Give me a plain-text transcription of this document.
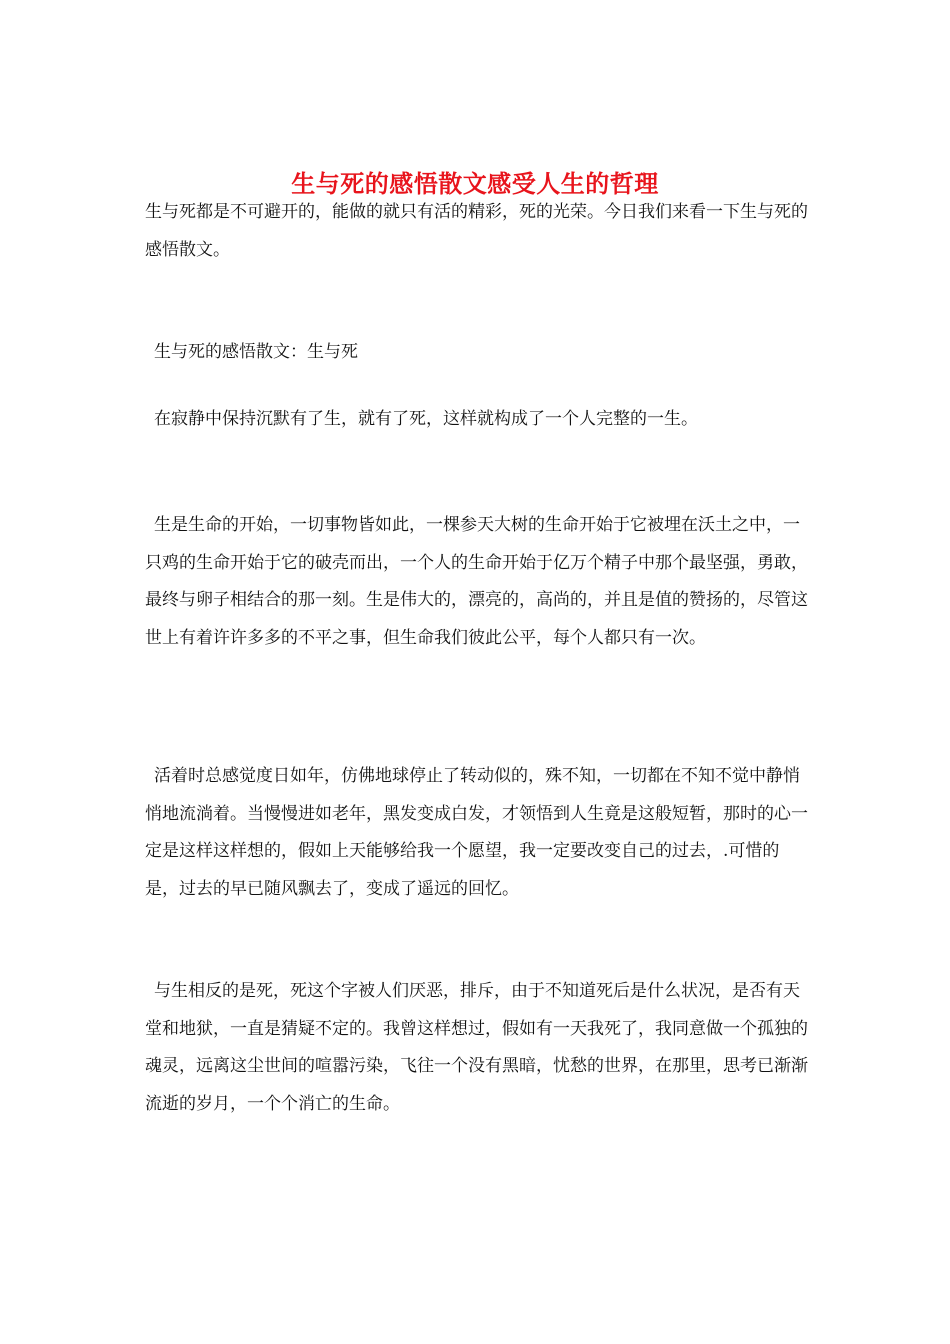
生与死的感悟散文感受人生的哲理

生与死都是不可避开的，能做的就只有活的精彩，死的光荣。今日我们来看一下生与死的感悟散文。

生与死的感悟散文：生与死

在寂静中保持沉默有了生，就有了死，这样就构成了一个人完整的一生。

生是生命的开始，一切事物皆如此，一棵参天大树的生命开始于它被埋在沃土之中，一只鸡的生命开始于它的破壳而出，一个人的生命开始于亿万个精子中那个最坚强，勇敢，最终与卵子相结合的那一刻。生是伟大的，漂亮的，高尚的，并且是值的赞扬的，尽管这世上有着许许多多的不平之事，但生命我们彼此公平，每个人都只有一次。

活着时总感觉度日如年，仿佛地球停止了转动似的，殊不知，一切都在不知不觉中静悄悄地流淌着。当慢慢进如老年，黑发变成白发，才领悟到人生竟是这般短暂，那时的心一定是这样这样想的，假如上天能够给我一个愿望，我一定要改变自己的过去，.可惜的是，过去的早已随风飘去了，变成了遥远的回忆。

与生相反的是死，死这个字被人们厌恶，排斥，由于不知道死后是什么状况，是否有天堂和地狱，一直是猜疑不定的。我曾这样想过，假如有一天我死了，我同意做一个孤独的魂灵，远离这尘世间的喧嚣污染，飞往一个没有黑暗，忧愁的世界，在那里，思考已渐渐流逝的岁月，一个个消亡的生命。
